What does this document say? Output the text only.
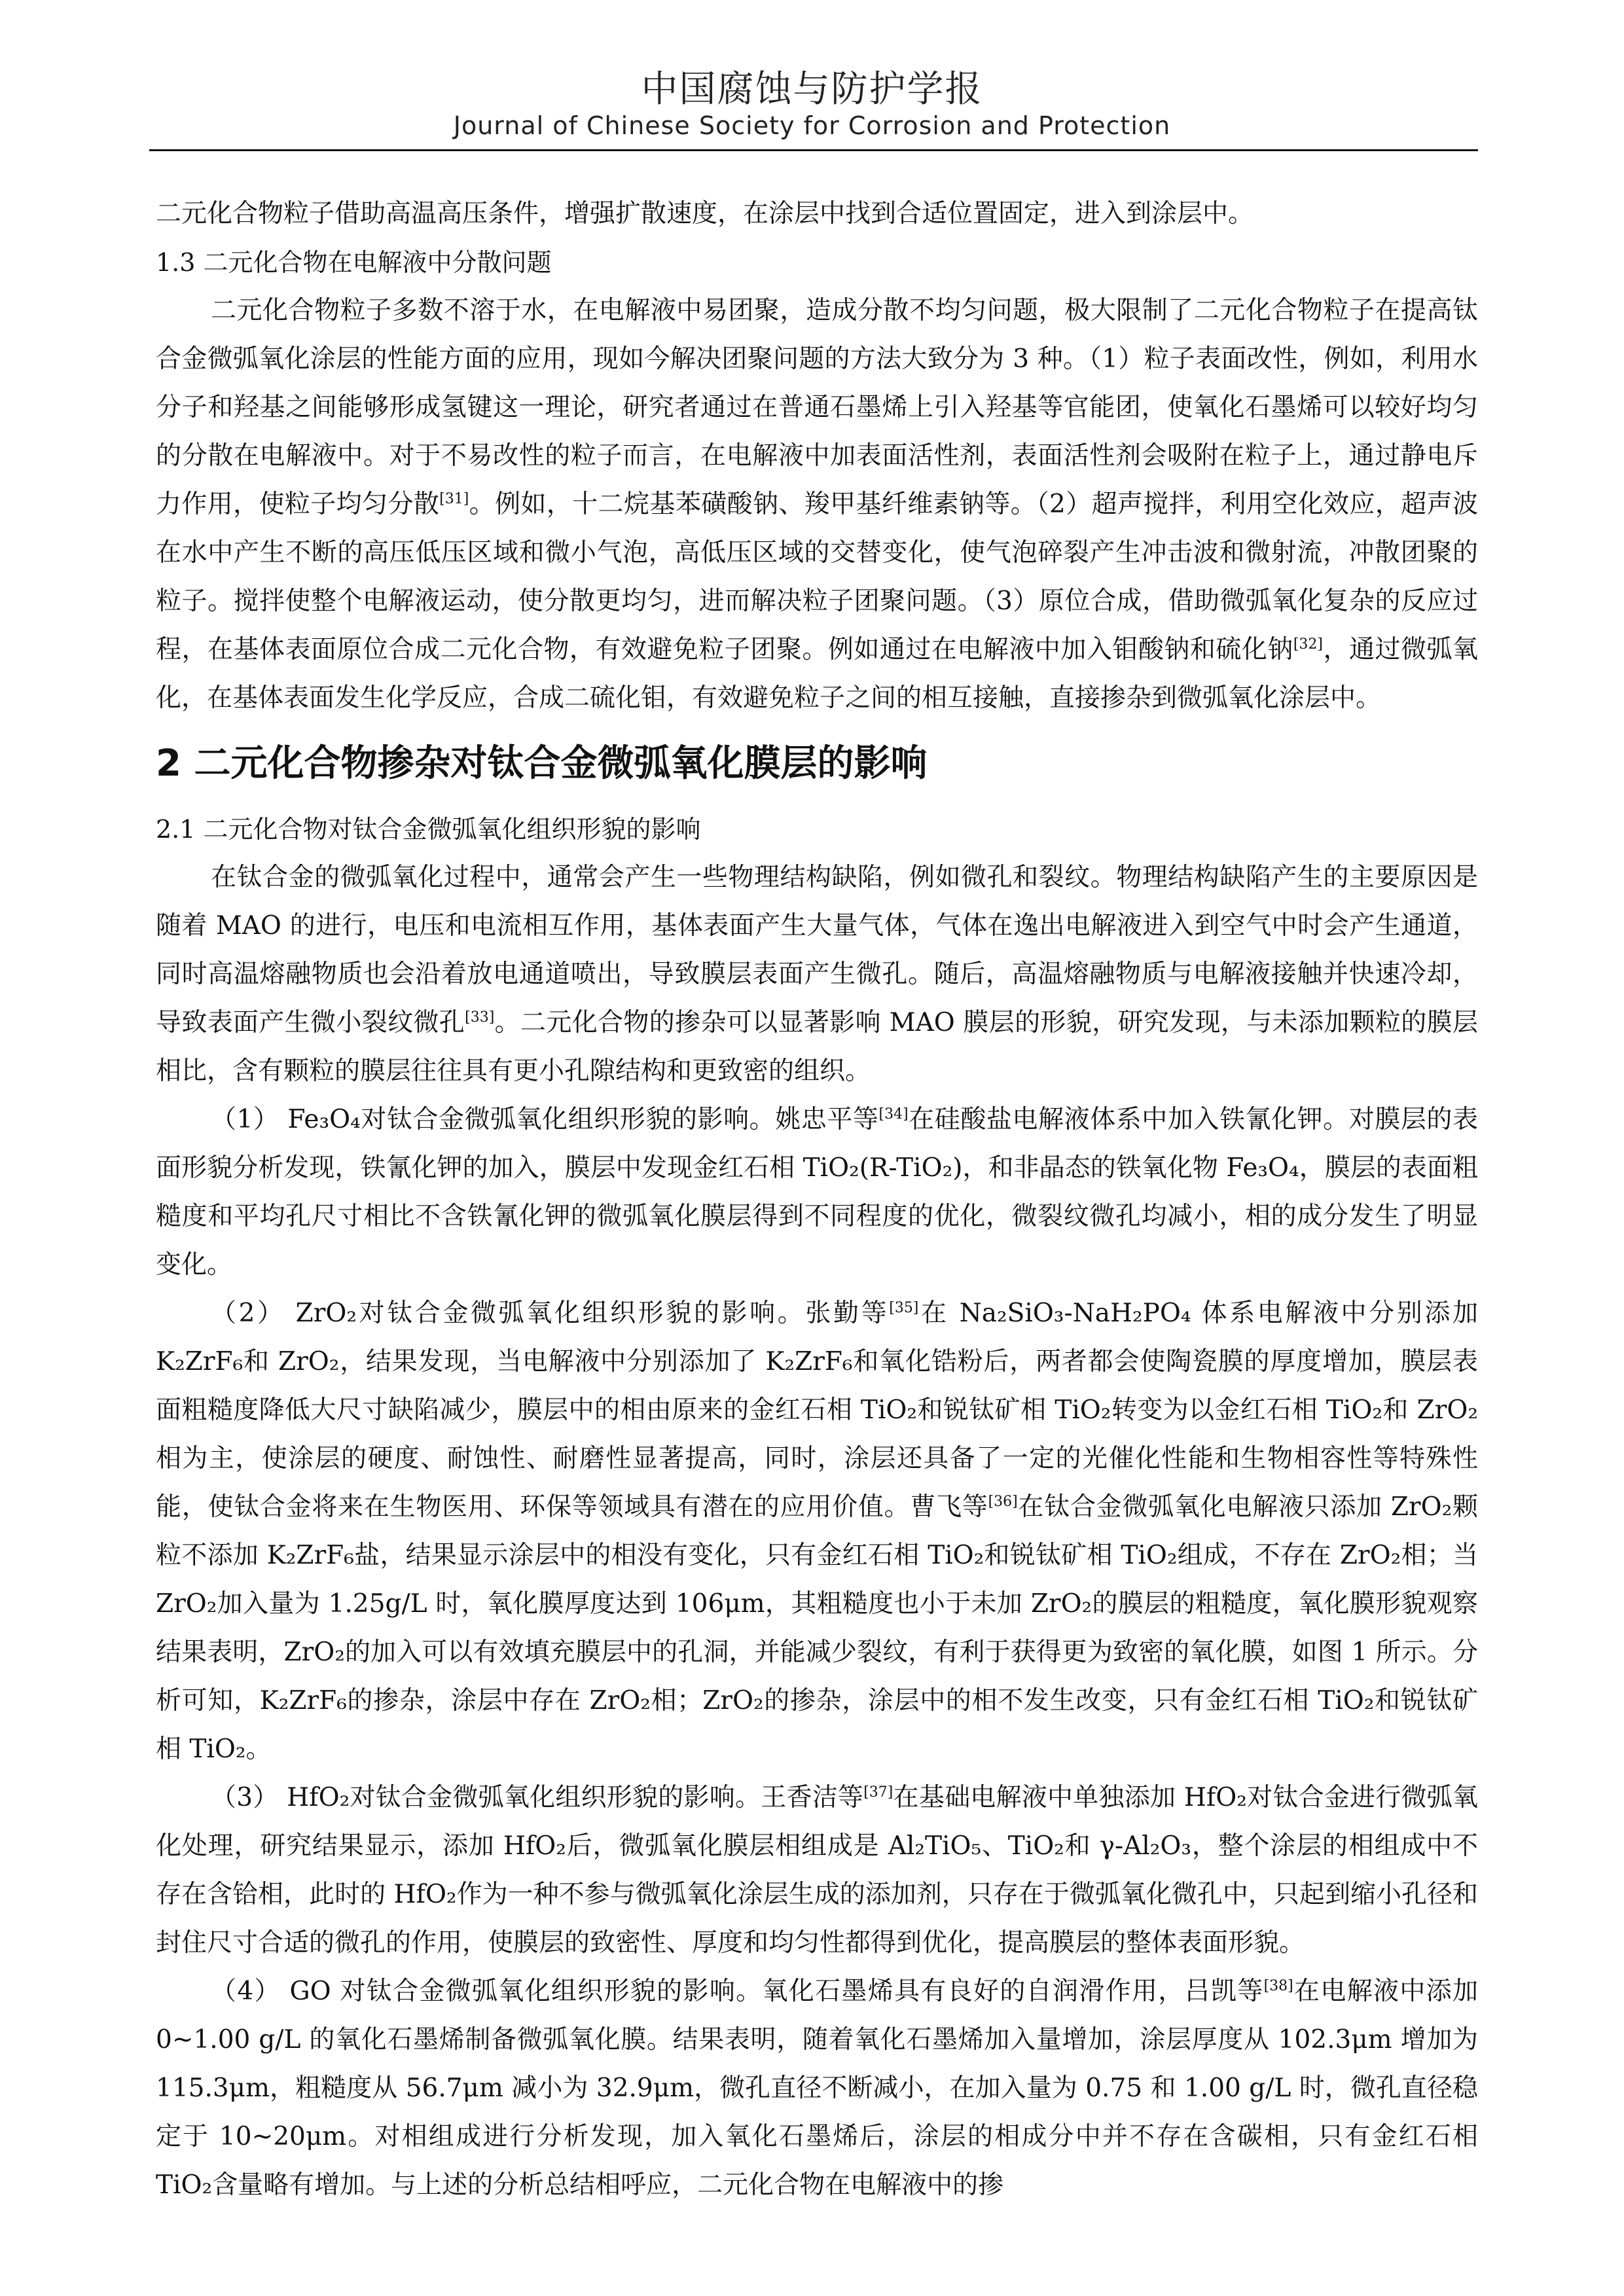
中国腐蚀与防护学报
Journal of Chinese Society for Corrosion and Protection

二元化合物粒子借助高温高压条件，增强扩散速度，在涂层中找到合适位置固定，进入到涂层中。

1.3 二元化合物在电解液中分散问题

二元化合物粒子多数不溶于水，在电解液中易团聚，造成分散不均匀问题，极大限制了二元化合物粒子在提高钛合金微弧氧化涂层的性能方面的应用，现如今解决团聚问题的方法大致分为 3 种。（1）粒子表面改性，例如，利用水分子和羟基之间能够形成氢键这一理论，研究者通过在普通石墨烯上引入羟基等官能团，使氧化石墨烯可以较好均匀的分散在电解液中。对于不易改性的粒子而言，在电解液中加表面活性剂，表面活性剂会吸附在粒子上，通过静电斥力作用，使粒子均匀分散[31]。例如，十二烷基苯磺酸钠、羧甲基纤维素钠等。（2）超声搅拌，利用空化效应，超声波在水中产生不断的高压低压区域和微小气泡，高低压区域的交替变化，使气泡碎裂产生冲击波和微射流，冲散团聚的粒子。搅拌使整个电解液运动，使分散更均匀，进而解决粒子团聚问题。（3）原位合成，借助微弧氧化复杂的反应过程，在基体表面原位合成二元化合物，有效避免粒子团聚。例如通过在电解液中加入钼酸钠和硫化钠[32]，通过微弧氧化，在基体表面发生化学反应，合成二硫化钼，有效避免粒子之间的相互接触，直接掺杂到微弧氧化涂层中。

2 二元化合物掺杂对钛合金微弧氧化膜层的影响

2.1 二元化合物对钛合金微弧氧化组织形貌的影响

在钛合金的微弧氧化过程中，通常会产生一些物理结构缺陷，例如微孔和裂纹。物理结构缺陷产生的主要原因是随着 MAO 的进行，电压和电流相互作用，基体表面产生大量气体，气体在逸出电解液进入到空气中时会产生通道，同时高温熔融物质也会沿着放电通道喷出，导致膜层表面产生微孔。随后，高温熔融物质与电解液接触并快速冷却，导致表面产生微小裂纹微孔[33]。二元化合物的掺杂可以显著影响 MAO 膜层的形貌，研究发现，与未添加颗粒的膜层相比，含有颗粒的膜层往往具有更小孔隙结构和更致密的组织。

（1） Fe₃O₄对钛合金微弧氧化组织形貌的影响。姚忠平等[34]在硅酸盐电解液体系中加入铁氰化钾。对膜层的表面形貌分析发现，铁氰化钾的加入，膜层中发现金红石相 TiO₂(R-TiO₂)，和非晶态的铁氧化物 Fe₃O₄，膜层的表面粗糙度和平均孔尺寸相比不含铁氰化钾的微弧氧化膜层得到不同程度的优化，微裂纹微孔均减小，相的成分发生了明显变化。

（2） ZrO₂对钛合金微弧氧化组织形貌的影响。张勤等[35]在 Na₂SiO₃-NaH₂PO₄ 体系电解液中分别添加 K₂ZrF₆和 ZrO₂，结果发现，当电解液中分别添加了 K₂ZrF₆和氧化锆粉后，两者都会使陶瓷膜的厚度增加，膜层表面粗糙度降低大尺寸缺陷减少，膜层中的相由原来的金红石相 TiO₂和锐钛矿相 TiO₂转变为以金红石相 TiO₂和 ZrO₂相为主，使涂层的硬度、耐蚀性、耐磨性显著提高，同时，涂层还具备了一定的光催化性能和生物相容性等特殊性能，使钛合金将来在生物医用、环保等领域具有潜在的应用价值。曹飞等[36]在钛合金微弧氧化电解液只添加 ZrO₂颗粒不添加 K₂ZrF₆盐，结果显示涂层中的相没有变化，只有金红石相 TiO₂和锐钛矿相 TiO₂组成，不存在 ZrO₂相；当 ZrO₂加入量为 1.25g/L 时，氧化膜厚度达到 106μm，其粗糙度也小于未加 ZrO₂的膜层的粗糙度，氧化膜形貌观察结果表明，ZrO₂的加入可以有效填充膜层中的孔洞，并能减少裂纹，有利于获得更为致密的氧化膜，如图 1 所示。分析可知，K₂ZrF₆的掺杂，涂层中存在 ZrO₂相；ZrO₂的掺杂，涂层中的相不发生改变，只有金红石相 TiO₂和锐钛矿相 TiO₂。

（3） HfO₂对钛合金微弧氧化组织形貌的影响。王香洁等[37]在基础电解液中单独添加 HfO₂对钛合金进行微弧氧化处理，研究结果显示，添加 HfO₂后，微弧氧化膜层相组成是 Al₂TiO₅、TiO₂和 γ-Al₂O₃，整个涂层的相组成中不存在含铪相，此时的 HfO₂作为一种不参与微弧氧化涂层生成的添加剂，只存在于微弧氧化微孔中，只起到缩小孔径和封住尺寸合适的微孔的作用，使膜层的致密性、厚度和均匀性都得到优化，提高膜层的整体表面形貌。

（4） GO 对钛合金微弧氧化组织形貌的影响。氧化石墨烯具有良好的自润滑作用，吕凯等[38]在电解液中添加 0~1.00 g/L 的氧化石墨烯制备微弧氧化膜。结果表明，随着氧化石墨烯加入量增加，涂层厚度从 102.3μm 增加为 115.3μm，粗糙度从 56.7μm 减小为 32.9μm，微孔直径不断减小，在加入量为 0.75 和 1.00 g/L 时，微孔直径稳定于 10~20μm。对相组成进行分析发现，加入氧化石墨烯后，涂层的相成分中并不存在含碳相，只有金红石相 TiO₂含量略有增加。与上述的分析总结相呼应，二元化合物在电解液中的掺
